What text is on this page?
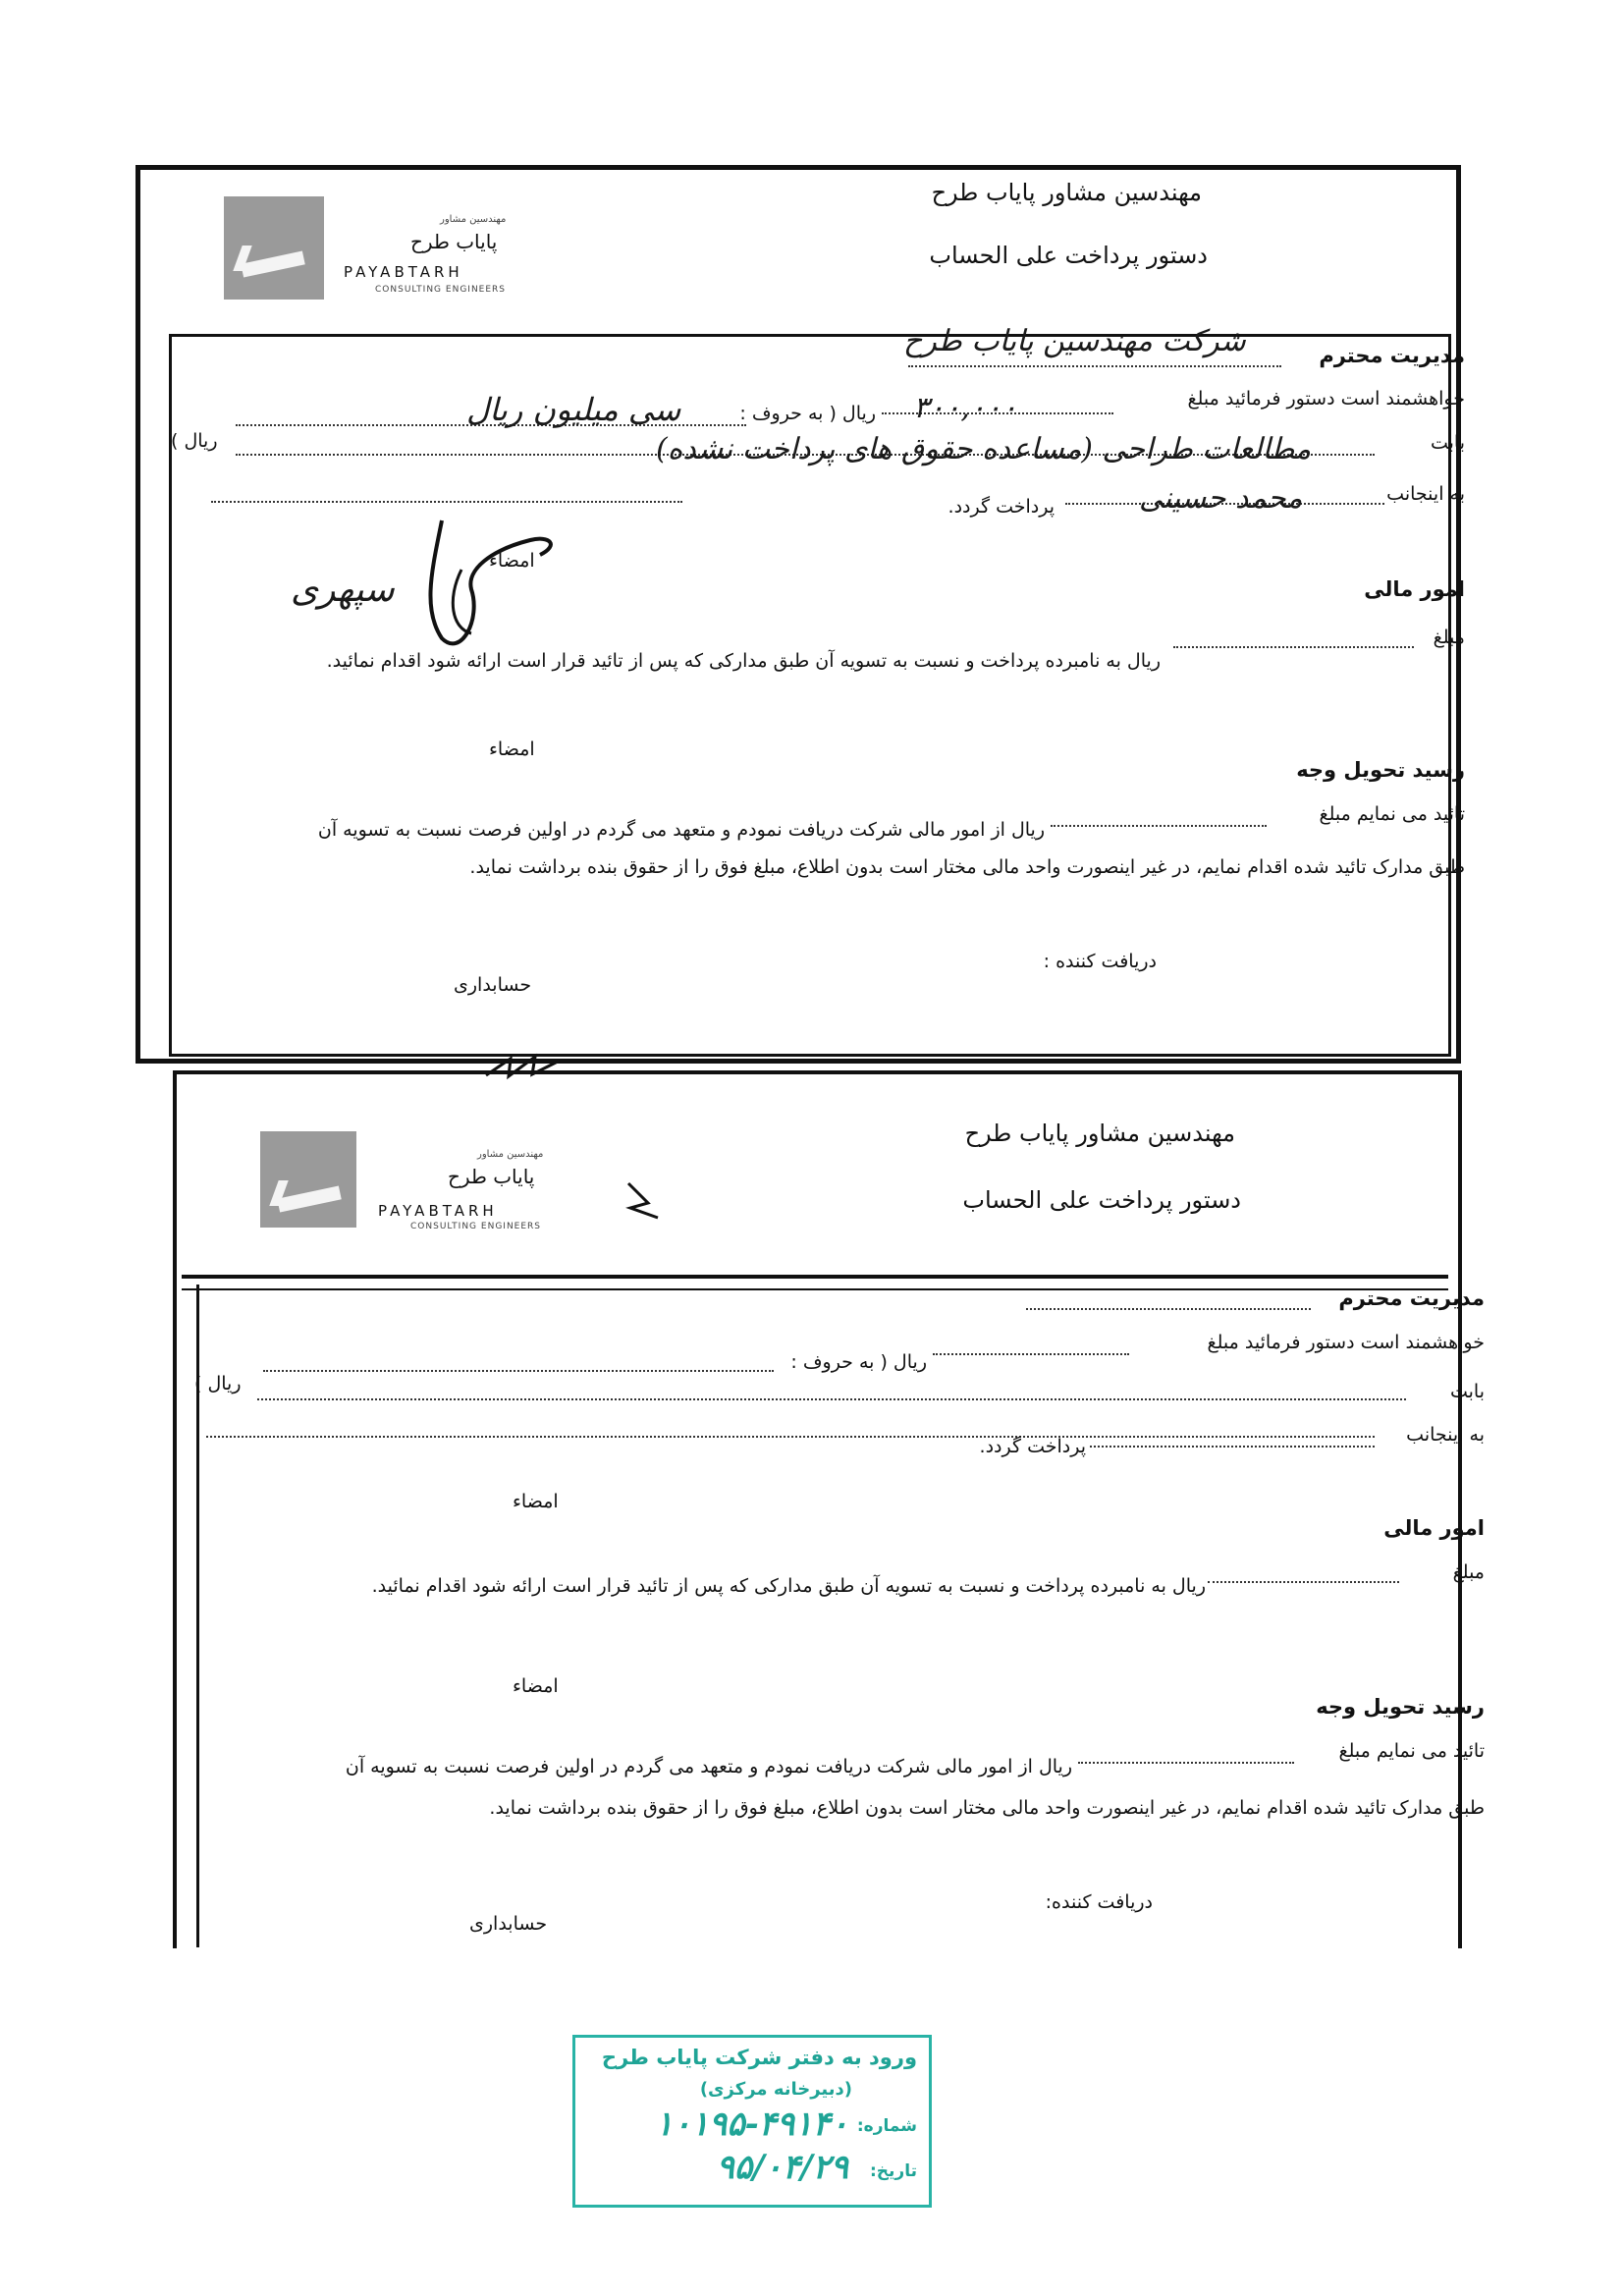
مهندسین مشاور
پایاب طرح
PAYABTARH
CONSULTING ENGINEERS
مهندسین مشاور پایاب طرح
دستور پرداخت علی الحساب
مدیریت محترم
خواهشمند است دستور فرمائید مبلغ
ریال ( به حروف :
بابت
ریال )
به اینجانب
پرداخت گردد.
امضاء
امور مالی
مبلغ
ریال به نامبرده پرداخت و نسبت به تسویه آن طبق مدارکی که پس از تائید قرار است ارائه شود اقدام نمائید.
امضاء
رسید تحویل وجه
تائید می نمایم مبلغ
ریال از امور مالی شرکت دریافت نمودم و متعهد می گردم در اولین فرصت نسبت به تسویه آن
طبق مدارک تائید شده اقدام نمایم، در غیر اینصورت واحد مالی مختار است بدون اطلاع، مبلغ فوق را از حقوق بنده برداشت نماید.
دریافت کننده :
حسابداری
شرکت مهندسین پایاب طرح
۳۰۰,۰۰۰
سی میلیون ریال
مطالعات طراحی (مساعده حقوق های پرداخت نشده)
محمد حسینی
سپهری
مهندسین مشاور
پایاب طرح
PAYABTARH
CONSULTING ENGINEERS
مهندسین مشاور پایاب طرح
دستور پرداخت علی الحساب
مدیریت محترم
خواهشمند است دستور فرمائید مبلغ
ریال ( به حروف :
بابت
ریال )
به اینجانب
پرداخت گردد.
امضاء
امور مالی
مبلغ
ریال به نامبرده پرداخت و نسبت به تسویه آن طبق مدارکی که پس از تائید قرار است ارائه شود اقدام نمائید.
امضاء
رسید تحویل وجه
تائید می نمایم مبلغ
ریال از امور مالی شرکت دریافت نمودم و متعهد می گردم در اولین فرصت نسبت به تسویه آن
طبق مدارک تائید شده اقدام نمایم، در غیر اینصورت واحد مالی مختار است بدون اطلاع، مبلغ فوق را از حقوق بنده برداشت نماید.
دریافت کننده:
حسابداری
ورود به دفتر شرکت پایاب طرح
(دبیرخانه مرکزی)
شماره:
۱۰۱۹۵-۴۹۱۴۰
تاریخ:
۹۵/۰۴/۲۹
